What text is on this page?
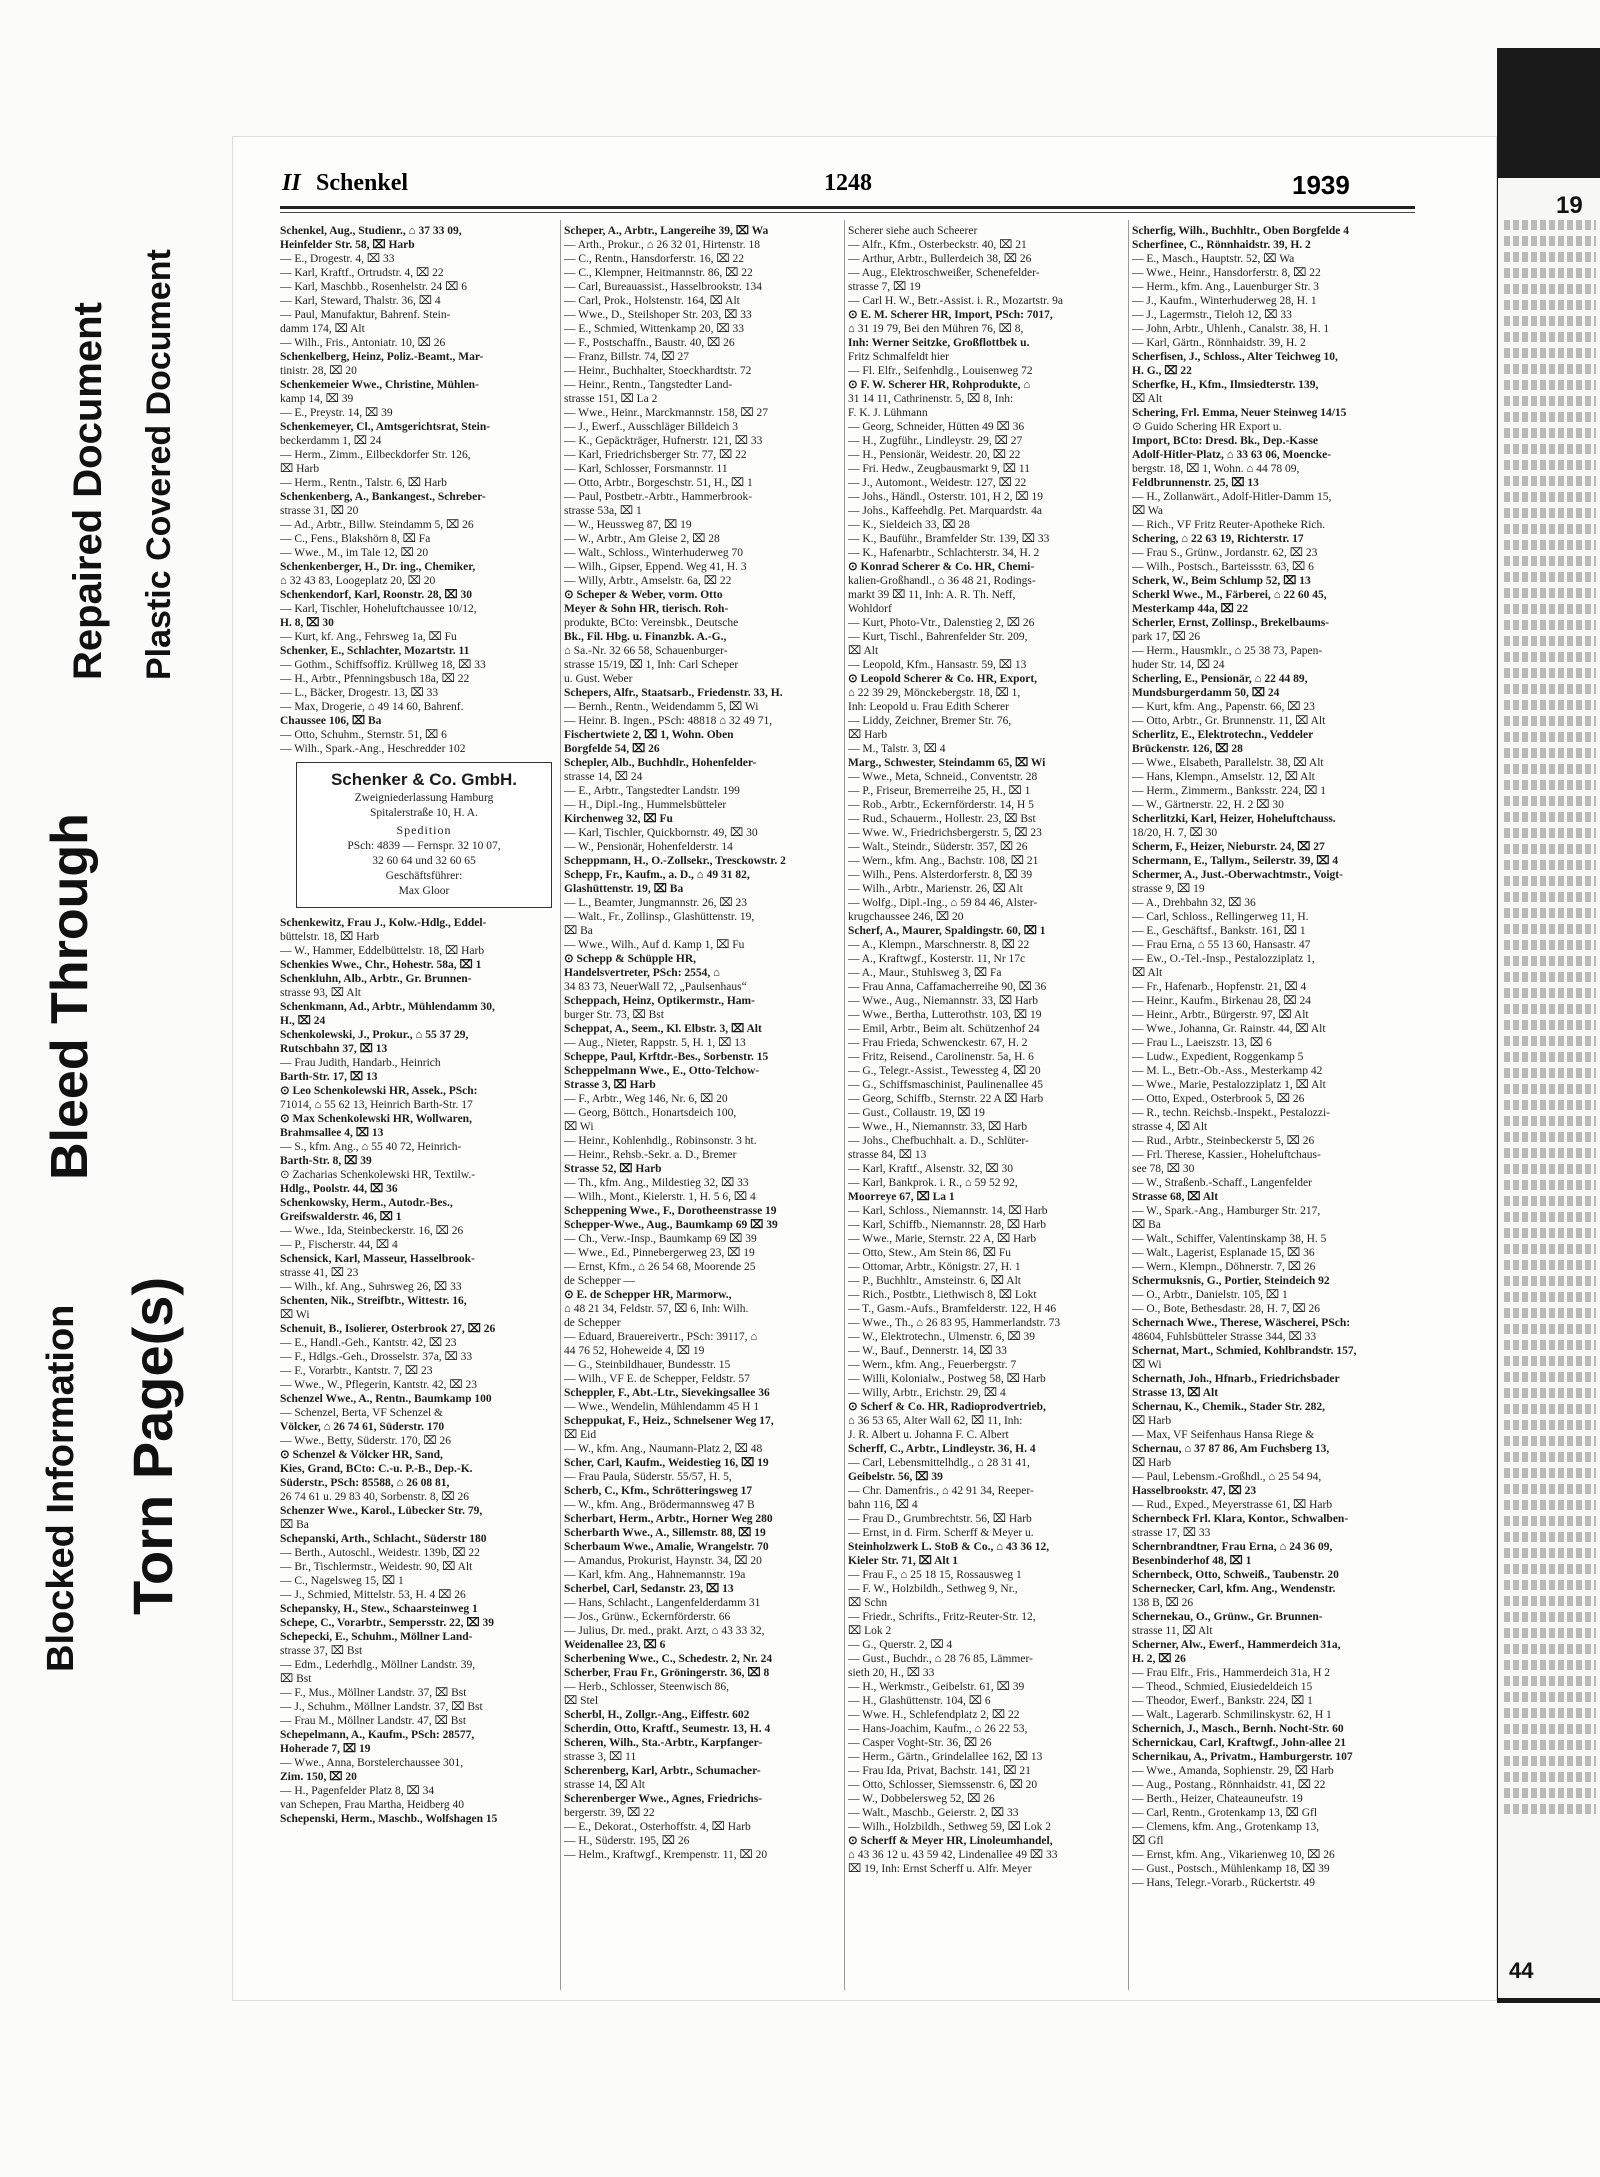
Blocked Information
Bleed Through
Torn Page(s)
Repaired Document Plastic Covered Document
19
44
II Schenkel	1248	1939
Schenkel, Aug., Studienr., ⌂ 37 33 09,
Heinfelder Str. 58, ⌧ Harb
— E., Drogestr. 4, ⌧ 33
— Karl, Kraftf., Ortrudstr. 4, ⌧ 22
— Karl, Maschbb., Rosenhelstr. 24 ⌧ 6
— Karl, Steward, Thalstr. 36, ⌧ 4
— Paul, Manufaktur, Bahrenf. Stein-
damm 174, ⌧ Alt
— Wilh., Fris., Antoniatr. 10, ⌧ 26
Schenkelberg, Heinz, Poliz.-Beamt., Mar-
tinistr. 28, ⌧ 20
Schenkemeier Wwe., Christine, Mühlen-
kamp 14, ⌧ 39
— E., Preystr. 14, ⌧ 39
Schenkemeyer, Cl., Amtsgerichtsrat, Stein-
beckerdamm 1, ⌧ 24
— Herm., Zimm., Eilbeckdorfer Str. 126,
⌧ Harb
— Herm., Rentn., Talstr. 6, ⌧ Harb
Schenkenberg, A., Bankangest., Schreber-
strasse 31, ⌧ 20
— Ad., Arbtr., Billw. Steindamm 5, ⌧ 26
— C., Fens., Blakshörn 8, ⌧ Fa
— Wwe., M., im Tale 12, ⌧ 20
Schenkenberger, H., Dr. ing., Chemiker,
⌂ 32 43 83, Loogeplatz 20, ⌧ 20
Schenkendorf, Karl, Roonstr. 28, ⌧ 30
— Karl, Tischler, Hoheluftchaussee 10/12,
H. 8, ⌧ 30
— Kurt, kf. Ang., Fehrsweg 1a, ⌧ Fu
Schenker, E., Schlachter, Mozartstr. 11
— Gothm., Schiffsoffiz. Krüllweg 18, ⌧ 33
— H., Arbtr., Pfenningsbusch 18a, ⌧ 22
— L., Bäcker, Drogestr. 13, ⌧ 33
— Max, Drogerie, ⌂ 49 14 60, Bahrenf.
Chaussee 106, ⌧ Ba
— Otto, Schuhm., Sternstr. 51, ⌧ 6
— Wilh., Spark.-Ang., Heschredder 102
Schenker & Co. GmbH.
Zweigniederlassung Hamburg
Spitalerstraße 10, H. A.
Spedition
PSch: 4839 — Fernspr. 32 10 07,
32 60 64 und 32 60 65
Geschäftsführer:
Max Gloor
Schenkewitz, Frau J., Kolw.-Hdlg., Eddel-
büttelstr. 18, ⌧ Harb
— W., Hammer, Eddelbüttelstr. 18, ⌧ Harb
Schenkies Wwe., Chr., Hohestr. 58a, ⌧ 1
Schenkluhn, Alb., Arbtr., Gr. Brunnen-
strasse 93, ⌧ Alt
Schenkmann, Ad., Arbtr., Mühlendamm 30,
H., ⌧ 24
Schenkolewski, J., Prokur., ⌂ 55 37 29,
Rutschbahn 37, ⌧ 13
— Frau Judith, Handarb., Heinrich
Barth-Str. 17, ⌧ 13
⊙ Leo Schenkolewski HR, Assek., PSch:
71014, ⌂ 55 62 13, Heinrich Barth-Str. 17
⊙ Max Schenkolewski HR, Wollwaren,
Brahmsallee 4, ⌧ 13
— S., kfm. Ang., ⌂ 55 40 72, Heinrich-
Barth-Str. 8, ⌧ 39
⊙ Zacharias Schenkolewski HR, Textilw.-
Hdlg., Poolstr. 44, ⌧ 36
Schenkowsky, Herm., Autodr.-Bes.,
Greifswalderstr. 46, ⌧ 1
— Wwe., Ida, Steinbeckerstr. 16, ⌧ 26
— P., Fischerstr. 44, ⌧ 4
Schensick, Karl, Masseur, Hasselbrook-
strasse 41, ⌧ 23
— Wilh., kf. Ang., Suhrsweg 26, ⌧ 33
Schenten, Nik., Streifbtr., Wittestr. 16,
⌧ Wi
Schenuit, B., Isolierer, Osterbrook 27, ⌧ 26
— E., Handl.-Geh., Kantstr. 42, ⌧ 23
— F., Hdlgs.-Geh., Drosselstr. 37a, ⌧ 33
— F., Vorarbtr., Kantstr. 7, ⌧ 23
— Wwe., W., Pflegerin, Kantstr. 42, ⌧ 23
Schenzel Wwe., A., Rentn., Baumkamp 100
— Schenzel, Berta, VF Schenzel &
Völcker, ⌂ 26 74 61, Süderstr. 170
— Wwe., Betty, Süderstr. 170, ⌧ 26
⊙ Schenzel & Völcker HR, Sand,
Kies, Grand, BCto: C.-u. P.-B., Dep.-K.
Süderstr., PSch: 85588, ⌂ 26 08 81,
26 74 61 u. 29 83 40, Sorbenstr. 8, ⌧ 26
Schenzer Wwe., Karol., Lübecker Str. 79,
⌧ Ba
Schepanski, Arth., Schlacht., Süderstr 180
— Berth., Autoschl., Weidestr. 139b, ⌧ 22
— Br., Tischlermstr., Weidestr. 90, ⌧ Alt
— C., Nagelsweg 15, ⌧ 1
— J., Schmied, Mittelstr. 53, H. 4 ⌧ 26
Schepansky, H., Stew., Schaarsteinweg 1
Schepe, C., Vorarbtr., Sempersstr. 22, ⌧ 39
Schepecki, E., Schuhm., Möllner Land-
strasse 37, ⌧ Bst
— Edm., Lederhdlg., Möllner Landstr. 39,
⌧ Bst
— F., Mus., Möllner Landstr. 37, ⌧ Bst
— J., Schuhm., Möllner Landstr. 37, ⌧ Bst
— Frau M., Möllner Landstr. 47, ⌧ Bst
Schepelmann, A., Kaufm., PSch: 28577,
Hoherade 7, ⌧ 19
— Wwe., Anna, Borstelerchaussee 301,
Zim. 150, ⌧ 20
— H., Pagenfelder Platz 8, ⌧ 34
van Schepen, Frau Martha, Heidberg 40
Schepenski, Herm., Maschb., Wolfshagen 15
Scheper, A., Arbtr., Langereihe 39, ⌧ Wa
— Arth., Prokur., ⌂ 26 32 01, Hirtenstr. 18
— C., Rentn., Hansdorferstr. 16, ⌧ 22
— C., Klempner, Heitmannstr. 86, ⌧ 22
— Carl, Bureauassist., Hasselbrookstr. 134
— Carl, Prok., Holstenstr. 164, ⌧ Alt
— Wwe., D., Steilshoper Str. 203, ⌧ 33
— E., Schmied, Wittenkamp 20, ⌧ 33
— F., Postschaffn., Baustr. 40, ⌧ 26
— Franz, Billstr. 74, ⌧ 27
— Heinr., Buchhalter, Stoeckhardtstr. 72
— Heinr., Rentn., Tangstedter Land-
strasse 151, ⌧ La 2
— Wwe., Heinr., Marckmannstr. 158, ⌧ 27
— J., Ewerf., Ausschläger Billdeich 3
— K., Gepäckträger, Hufnerstr. 121, ⌧ 33
— Karl, Friedrichsberger Str. 77, ⌧ 22
— Karl, Schlosser, Forsmannstr. 11
— Otto, Arbtr., Borgeschstr. 51, H., ⌧ 1
— Paul, Postbetr.-Arbtr., Hammerbrook-
strasse 53a, ⌧ 1
— W., Heussweg 87, ⌧ 19
— W., Arbtr., Am Gleise 2, ⌧ 28
— Walt., Schloss., Winterhuderweg 70
— Wilh., Gipser, Eppend. Weg 41, H. 3
— Willy, Arbtr., Amselstr. 6a, ⌧ 22
⊙ Scheper & Weber, vorm. Otto
Meyer & Sohn HR, tierisch. Roh-
produkte, BCto: Vereinsbk., Deutsche
Bk., Fil. Hbg. u. Finanzbk. A.-G.,
⌂ Sa.-Nr. 32 66 58, Schauenburger-
strasse 15/19, ⌧ 1, Inh: Carl Scheper
u. Gust. Weber
Schepers, Alfr., Staatsarb., Friedenstr. 33, H.
— Bernh., Rentn., Weidendamm 5, ⌧ Wi
— Heinr. B. Ingen., PSch: 48818 ⌂ 32 49 71,
Fischertwiete 2, ⌧ 1, Wohn. Oben
Borgfelde 54, ⌧ 26
Schepler, Alb., Buchhdlr., Hohenfelder-
strasse 14, ⌧ 24
— E., Arbtr., Tangstedter Landstr. 199
— H., Dipl.-Ing., Hummelsbütteler
Kirchenweg 32, ⌧ Fu
— Karl, Tischler, Quickbornstr. 49, ⌧ 30
— W., Pensionär, Hohenfelderstr. 14
Scheppmann, H., O.-Zollsekr., Tresckowstr. 2
Schepp, Fr., Kaufm., a. D., ⌂ 49 31 82,
Glashüttenstr. 19, ⌧ Ba
— L., Beamter, Jungmannstr. 26, ⌧ 23
— Walt., Fr., Zollinsp., Glashüttenstr. 19,
⌧ Ba
— Wwe., Wilh., Auf d. Kamp 1, ⌧ Fu
⊙ Schepp & Schüpple HR,
Handelsvertreter, PSch: 2554, ⌂
34 83 73, NeuerWall 72, „Paulsenhaus“
Scheppach, Heinz, Optikermstr., Ham-
burger Str. 73, ⌧ Bst
Scheppat, A., Seem., Kl. Elbstr. 3, ⌧ Alt
— Aug., Nieter, Rappstr. 5, H. 1, ⌧ 13
Scheppe, Paul, Krftdr.-Bes., Sorbenstr. 15
Scheppelmann Wwe., E., Otto-Telchow-
Strasse 3, ⌧ Harb
— F., Arbtr., Weg 146, Nr. 6, ⌧ 20
— Georg, Böttch., Honartsdeich 100,
⌧ Wi
— Heinr., Kohlenhdlg., Robinsonstr. 3 ht.
— Heinr., Rehsb.-Sekr. a. D., Bremer
Strasse 52, ⌧ Harb
— Th., kfm. Ang., Mildestieg 32, ⌧ 33
— Wilh., Mont., Kielerstr. 1, H. 5 6, ⌧ 4
Scheppening Wwe., F., Dorotheenstrasse 19
Schepper-Wwe., Aug., Baumkamp 69 ⌧ 39
— Ch., Verw.-Insp., Baumkamp 69 ⌧ 39
— Wwe., Ed., Pinnebergerweg 23, ⌧ 19
— Ernst, Kfm., ⌂ 26 54 68, Moorende 25
de Schepper —
⊙ E. de Schepper HR, Marmorw.,
⌂ 48 21 34, Feldstr. 57, ⌧ 6, Inh: Wilh.
de Schepper
— Eduard, Brauereivertr., PSch: 39117, ⌂
44 76 52, Hoheweide 4, ⌧ 19
— G., Steinbildhauer, Bundesstr. 15
— Wilh., VF E. de Schepper, Feldstr. 57
Scheppler, F., Abt.-Ltr., Sievekingsallee 36
— Wwe., Wendelin, Mühlendamm 45 H 1
Scheppukat, F., Heiz., Schnelsener Weg 17,
⌧ Eid
— W., kfm. Ang., Naumann-Platz 2, ⌧ 48
Scher, Carl, Kaufm., Weidestieg 16, ⌧ 19
— Frau Paula, Süderstr. 55/57, H. 5,
Scherb, C., Kfm., Schrötteringsweg 17
— W., kfm. Ang., Brödermannsweg 47 B
Scherbart, Herm., Arbtr., Horner Weg 280
Scherbarth Wwe., A., Sillemstr. 88, ⌧ 19
Scherbaum Wwe., Amalie, Wrangelstr. 70
— Amandus, Prokurist, Haynstr. 34, ⌧ 20
— Karl, kfm. Ang., Hahnemannstr. 19a
Scherbel, Carl, Sedanstr. 23, ⌧ 13
— Hans, Schlacht., Langenfelderdamm 31
— Jos., Grünw., Eckernförderstr. 66
— Julius, Dr. med., prakt. Arzt, ⌂ 43 33 32,
Weidenallee 23, ⌧ 6
Scherbening Wwe., C., Schedestr. 2, Nr. 24
Scherber, Frau Fr., Gröningerstr. 36, ⌧ 8
— Herb., Schlosser, Steenwisch 86,
⌧ Stel
Scherbl, H., Zollgr.-Ang., Eiffestr. 602
Scherdin, Otto, Kraftf., Seumestr. 13, H. 4
Scheren, Wilh., Sta.-Arbtr., Karpfanger-
strasse 3, ⌧ 11
Scherenberg, Karl, Arbtr., Schumacher-
strasse 14, ⌧ Alt
Scherenberger Wwe., Agnes, Friedrichs-
bergerstr. 39, ⌧ 22
— E., Dekorat., Osterhoffstr. 4, ⌧ Harb
— H., Süderstr. 195, ⌧ 26
— Helm., Kraftwgf., Krempenstr. 11, ⌧ 20
Scherer siehe auch Scheerer
— Alfr., Kfm., Osterbeckstr. 40, ⌧ 21
— Arthur, Arbtr., Bullerdeich 38, ⌧ 26
— Aug., Elektroschweißer, Schenefelder-
strasse 7, ⌧ 19
— Carl H. W., Betr.-Assist. i. R., Mozartstr. 9a
⊙ E. M. Scherer HR, Import, PSch: 7017,
⌂ 31 19 79, Bei den Mühren 76, ⌧ 8,
Inh: Werner Seitzke, Großflottbek u.
Fritz Schmalfeldt hier
— Fl. Elfr., Seifenhdlg., Louisenweg 72
⊙ F. W. Scherer HR, Rohprodukte, ⌂
31 14 11, Cathrinenstr. 5, ⌧ 8, Inh:
F. K. J. Lühmann
— Georg, Schneider, Hütten 49 ⌧ 36
— H., Zugführ., Lindleystr. 29, ⌧ 27
— H., Pensionär, Weidestr. 20, ⌧ 22
— Fri. Hedw., Zeugbausmarkt 9, ⌧ 11
— J., Automont., Weidestr. 127, ⌧ 22
— Johs., Händl., Osterstr. 101, H 2, ⌧ 19
— Johs., Kaffeehdlg. Pet. Marquardstr. 4a
— K., Sieldeich 33, ⌧ 28
— K., Bauführ., Bramfelder Str. 139, ⌧ 33
— K., Hafenarbtr., Schlachterstr. 34, H. 2
⊙ Konrad Scherer & Co. HR, Chemi-
kalien-Großhandl., ⌂ 36 48 21, Rodings-
markt 39 ⌧ 11, Inh: A. R. Th. Neff,
Wohldorf
— Kurt, Photo-Vtr., Dalenstieg 2, ⌧ 26
— Kurt, Tischl., Bahrenfelder Str. 209,
⌧ Alt
— Leopold, Kfm., Hansastr. 59, ⌧ 13
⊙ Leopold Scherer & Co. HR, Export,
⌂ 22 39 29, Mönckebergstr. 18, ⌧ 1,
Inh: Leopold u. Frau Edith Scherer
— Liddy, Zeichner, Bremer Str. 76,
⌧ Harb
— M., Talstr. 3, ⌧ 4
Marg., Schwester, Steindamm 65, ⌧ Wi
— Wwe., Meta, Schneid., Conventstr. 28
— P., Friseur, Bremerreihe 25, H., ⌧ 1
— Rob., Arbtr., Eckernförderstr. 14, H 5
— Rud., Schauerm., Hollestr. 23, ⌧ Bst
— Wwe. W., Friedrichsbergerstr. 5, ⌧ 23
— Walt., Steindr., Süderstr. 357, ⌧ 26
— Wern., kfm. Ang., Bachstr. 108, ⌧ 21
— Wilh., Pens. Alsterdorferstr. 8, ⌧ 39
— Wilh., Arbtr., Marienstr. 26, ⌧ Alt
— Wolfg., Dipl.-Ing., ⌂ 59 84 46, Alster-
krugchaussee 246, ⌧ 20
Scherf, A., Maurer, Spaldingstr. 60, ⌧ 1
— A., Klempn., Marschnerstr. 8, ⌧ 22
— A., Kraftwgf., Kosterstr. 11, Nr 17c
— A., Maur., Stuhlsweg 3, ⌧ Fa
— Frau Anna, Caffamacherreihe 90, ⌧ 36
— Wwe., Aug., Niemannstr. 33, ⌧ Harb
— Wwe., Bertha, Lutterothstr. 103, ⌧ 19
— Emil, Arbtr., Beim alt. Schützenhof 24
— Frau Frieda, Schwenckestr. 67, H. 2
— Fritz, Reisend., Carolinenstr. 5a, H. 6
— G., Telegr.-Assist., Tewessteg 4, ⌧ 20
— G., Schiffsmaschinist, Paulinenallee 45
— Georg, Schiffb., Sternstr. 22 A ⌧ Harb
— Gust., Collaustr. 19, ⌧ 19
— Wwe., H., Niemannstr. 33, ⌧ Harb
— Johs., Chefbuchhalt. a. D., Schlüter-
strasse 84, ⌧ 13
— Karl, Kraftf., Alsenstr. 32, ⌧ 30
— Karl, Bankprok. i. R., ⌂ 59 52 92,
Moorreye 67, ⌧ La 1
— Karl, Schloss., Niemannstr. 14, ⌧ Harb
— Karl, Schiffb., Niemannstr. 28, ⌧ Harb
— Wwe., Marie, Sternstr. 22 A, ⌧ Harb
— Otto, Stew., Am Stein 86, ⌧ Fu
— Ottomar, Arbtr., Königstr. 27, H. 1
— P., Buchhltr., Amsteinstr. 6, ⌧ Alt
— Rich., Postbtr., Liethwisch 8, ⌧ Lokt
— T., Gasm.-Aufs., Bramfelderstr. 122, H 46
— Wwe., Th., ⌂ 26 83 95, Hammerlandstr. 73
— W., Elektrotechn., Ulmenstr. 6, ⌧ 39
— W., Bauf., Dennerstr. 14, ⌧ 33
— Wern., kfm. Ang., Feuerbergstr. 7
— Willi, Kolonialw., Postweg 58, ⌧ Harb
— Willy, Arbtr., Erichstr. 29, ⌧ 4
⊙ Scherf & Co. HR, Radioprodvertrieb,
⌂ 36 53 65, Alter Wall 62, ⌧ 11, Inh:
J. R. Albert u. Johanna F. C. Albert
Scherff, C., Arbtr., Lindleystr. 36, H. 4
— Carl, Lebensmittelhdlg., ⌂ 28 31 41,
Geibelstr. 56, ⌧ 39
— Chr. Damenfris., ⌂ 42 91 34, Reeper-
bahn 116, ⌧ 4
— Frau D., Grumbrechtstr. 56, ⌧ Harb
— Ernst, in d. Firm. Scherff & Meyer u.
Steinholzwerk L. StoB & Co., ⌂ 43 36 12,
Kieler Str. 71, ⌧ Alt 1
— Frau F., ⌂ 25 18 15, Rossausweg 1
— F. W., Holzbildh., Sethweg 9, Nr.,
⌧ Schn
— Friedr., Schrifts., Fritz-Reuter-Str. 12,
⌧ Lok 2
— G., Querstr. 2, ⌧ 4
— Gust., Buchdr., ⌂ 28 76 85, Lämmer-
sieth 20, H., ⌧ 33
— H., Werkmstr., Geibelstr. 61, ⌧ 39
— H., Glashüttenstr. 104, ⌧ 6
— Wwe. H., Schlefendplatz 2, ⌧ 22
— Hans-Joachim, Kaufm., ⌂ 26 22 53,
— Casper Voght-Str. 36, ⌧ 26
— Herm., Gärtn., Grindelallee 162, ⌧ 13
— Frau Ida, Privat, Bachstr. 141, ⌧ 21
— Otto, Schlosser, Siemssenstr. 6, ⌧ 20
— W., Dobbelersweg 52, ⌧ 26
— Walt., Maschb., Geierstr. 2, ⌧ 33
— Wilh., Holzbildh., Sethweg 59, ⌧ Lok 2
⊙ Scherff & Meyer HR, Linoleumhandel,
⌂ 43 36 12 u. 43 59 42, Lindenallee 49 ⌧ 33
⌧ 19, Inh: Ernst Scherff u. Alfr. Meyer
Scherfig, Wilh., Buchhltr., Oben Borgfelde 4
Scherfinee, C., Rönnhaidstr. 39, H. 2
— E., Masch., Hauptstr. 52, ⌧ Wa
— Wwe., Heinr., Hansdorferstr. 8, ⌧ 22
— Herm., kfm. Ang., Lauenburger Str. 3
— J., Kaufm., Winterhuderweg 28, H. 1
— J., Lagermstr., Tieloh 12, ⌧ 33
— John, Arbtr., Uhlenh., Canalstr. 38, H. 1
— Karl, Gärtn., Rönnhaidstr. 39, H. 2
Scherfisen, J., Schloss., Alter Teichweg 10,
H. G., ⌧ 22
Scherfke, H., Kfm., Ilmsiedterstr. 139,
⌧ Alt
Schering, Frl. Emma, Neuer Steinweg 14/15
⊙ Guido Schering HR Export u.
Import, BCto: Dresd. Bk., Dep.-Kasse
Adolf-Hitler-Platz, ⌂ 33 63 06, Moencke-
bergstr. 18, ⌧ 1, Wohn. ⌂ 44 78 09,
Feldbrunnenstr. 25, ⌧ 13
— H., Zollanwärt., Adolf-Hitler-Damm 15,
⌧ Wa
— Rich., VF Fritz Reuter-Apotheke Rich.
Schering, ⌂ 22 63 19, Richterstr. 17
— Frau S., Grünw., Jordanstr. 62, ⌧ 23
— Wilh., Postsch., Barteissstr. 63, ⌧ 6
Scherk, W., Beim Schlump 52, ⌧ 13
Scherkl Wwe., M., Färberei, ⌂ 22 60 45,
Mesterkamp 44a, ⌧ 22
Scherler, Ernst, Zollinsp., Brekelbaums-
park 17, ⌧ 26
— Herm., Hausmklr., ⌂ 25 38 73, Papen-
huder Str. 14, ⌧ 24
Scherling, E., Pensionär, ⌂ 22 44 89,
Mundsburgerdamm 50, ⌧ 24
— Kurt, kfm. Ang., Papenstr. 66, ⌧ 23
— Otto, Arbtr., Gr. Brunnenstr. 11, ⌧ Alt
Scherlitz, E., Elektrotechn., Veddeler
Brückenstr. 126, ⌧ 28
— Wwe., Elsabeth, Parallelstr. 38, ⌧ Alt
— Hans, Klempn., Amselstr. 12, ⌧ Alt
— Herm., Zimmerm., Banksstr. 224, ⌧ 1
— W., Gärtnerstr. 22, H. 2 ⌧ 30
Scherlitzki, Karl, Heizer, Hoheluftchauss.
18/20, H. 7, ⌧ 30
Scherm, F., Heizer, Nieburstr. 24, ⌧ 27
Schermann, E., Tallym., Seilerstr. 39, ⌧ 4
Schermer, A., Just.-Oberwachtmstr., Voigt-
strasse 9, ⌧ 19
— A., Drehbahn 32, ⌧ 36
— Carl, Schloss., Rellingerweg 11, H.
— E., Geschäftsf., Bankstr. 161, ⌧ 1
— Frau Erna, ⌂ 55 13 60, Hansastr. 47
— Ew., O.-Tel.-Insp., Pestalozziplatz 1,
⌧ Alt
— Fr., Hafenarb., Hopfenstr. 21, ⌧ 4
— Heinr., Kaufm., Birkenau 28, ⌧ 24
— Heinr., Arbtr., Bürgerstr. 97, ⌧ Alt
— Wwe., Johanna, Gr. Rainstr. 44, ⌧ Alt
— Frau L., Laeiszstr. 13, ⌧ 6
— Ludw., Expedient, Roggenkamp 5
— M. L., Betr.-Ob.-Ass., Mesterkamp 42
— Wwe., Marie, Pestalozziplatz 1, ⌧ Alt
— Otto, Exped., Osterbrook 5, ⌧ 26
— R., techn. Reichsb.-Inspekt., Pestalozzi-
strasse 4, ⌧ Alt
— Rud., Arbtr., Steinbeckerstr 5, ⌧ 26
— Frl. Therese, Kassier., Hoheluftchaus-
see 78, ⌧ 30
— W., Straßenb.-Schaff., Langenfelder
Strasse 68, ⌧ Alt
— W., Spark.-Ang., Hamburger Str. 217,
⌧ Ba
— Walt., Schiffer, Valentinskamp 38, H. 5
— Walt., Lagerist, Esplanade 15, ⌧ 36
— Wern., Klempn., Döhnerstr. 7, ⌧ 26
Schermuksnis, G., Portier, Steindeich 92
— O., Arbtr., Danielstr. 105, ⌧ 1
— O., Bote, Bethesdastr. 28, H. 7, ⌧ 26
Schernach Wwe., Therese, Wäscherei, PSch:
48604, Fuhlsbütteler Strasse 344, ⌧ 33
Schernat, Mart., Schmied, Kohlbrandstr. 157,
⌧ Wi
Schernath, Joh., Hfnarb., Friedrichsbader
Strasse 13, ⌧ Alt
Schernau, K., Chemik., Stader Str. 282,
⌧ Harb
— Max, VF Seifenhaus Hansa Riege &
Schernau, ⌂ 37 87 86, Am Fuchsberg 13,
⌧ Harb
— Paul, Lebensm.-Großhdl., ⌂ 25 54 94,
Hasselbrookstr. 47, ⌧ 23
— Rud., Exped., Meyerstrasse 61, ⌧ Harb
Schernbeck Frl. Klara, Kontor., Schwalben-
strasse 17, ⌧ 33
Schernbrandtner, Frau Erna, ⌂ 24 36 09,
Besenbinderhof 48, ⌧ 1
Schernbeck, Otto, Schweiß., Taubenstr. 20
Schernecker, Carl, kfm. Ang., Wendenstr.
138 B, ⌧ 26
Schernekau, O., Grünw., Gr. Brunnen-
strasse 11, ⌧ Alt
Scherner, Alw., Ewerf., Hammerdeich 31a,
H. 2, ⌧ 26
— Frau Elfr., Fris., Hammerdeich 31a, H 2
— Theod., Schmied, Eiusiedeldeich 15
— Theodor, Ewerf., Bankstr. 224, ⌧ 1
— Walt., Lagerarb. Schmilinskystr. 62, H 1
Schernich, J., Masch., Bernh. Nocht-Str. 60
Schernickau, Carl, Kraftwgf., John-allee 21
Schernikau, A., Privatm., Hamburgerstr. 107
— Wwe., Amanda, Sophienstr. 29, ⌧ Harb
— Aug., Postang., Rönnhaidstr. 41, ⌧ 22
— Berth., Heizer, Chateauneufstr. 19
— Carl, Rentn., Grotenkamp 13, ⌧ Gfl
— Clemens, kfm. Ang., Grotenkamp 13,
⌧ Gfl
— Ernst, kfm. Ang., Vikarienweg 10, ⌧ 26
— Gust., Postsch., Mühlenkamp 18, ⌧ 39
— Hans, Telegr.-Vorarb., Rückertstr. 49
